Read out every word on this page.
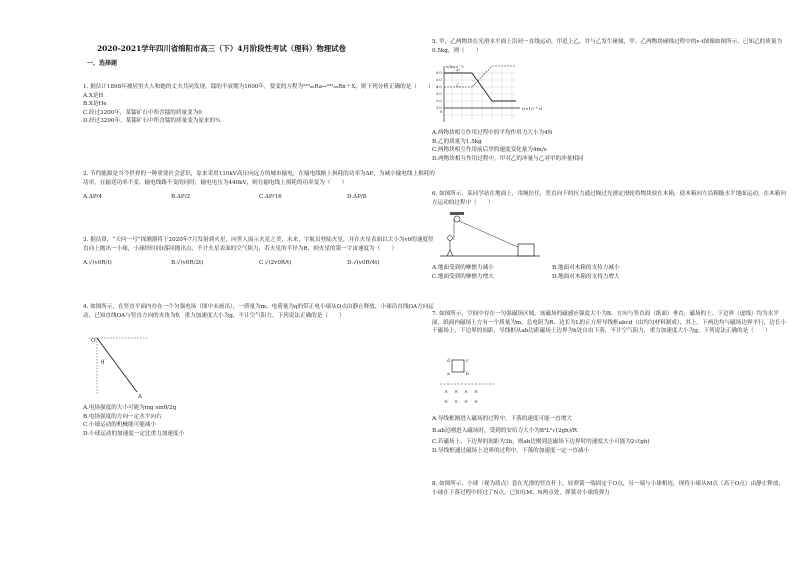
2020-2021学年四川省绵阳市高三（下）4月阶段性考试（理科）物理试卷
一、选择题
1. 据估计1898年被居里夫人和她的丈夫共同发现，镭的半衰期为1600年，要变的方程为²²⁶₈₈Ra→²²²₈₆Rn＋X，则下列分析正确的是（　　）
A.X是H
B.X是He
C.经过3200年，某镭矿石中所含镭的质量变为0
D.经过3200年，某镭矿石中所含镭的质量变为原来的¼
2. 节约能源是当今世界的一种重要社会意识，原来采用110kV高压向远方的城市输电，在输电线路上损耗的功率为ΔP，为减小输电线上损耗的功率，在输送功率不变、输电线路不变的同时，输电电压为440kV，则在输电线上损耗的功率变为（　　）
A.ΔP/4	B.ΔP/2	C.ΔP/16	D.ΔP/8
3. 据估算，“天问一号”探测器将于2020年7月发射到火星，向世人展示火星之美，未来，宇航员登陆火星，并在火星表面以大小为v0的速度竖直向上抛出一小球，小球经时间t落回抛出点，不计火星表面的空气阻力，若火星的半径为R，则火星的第一宇宙速度为（　　）
A.√(v0R/t)	B.√(v0R/2t)	C.√(2v0R/t)	D.√(v0R/4t)
4. 如图所示，在竖直平面内存在一个匀强电场（图中未画出），一质量为m、电荷量为q的带正电小球从O点由静止释放，小球沿直线OA方向运动，已知直线OA与竖直方向的夹角为θ，重力加速度大小为g，不计空气阻力，下列说法正确的是（　　）
O
θ
A
A.电场强度的大小可能为mg sinθ/2q
B.电场强度的方向一定水平向右
C.小球运动的机械能可能减小
D.小球运动的加速度一定比重力加速度小
5. 甲、乙两物块在光滑水平面上沿同一直线运动，甲追上乙，并与乙发生碰撞，甲、乙两物块碰撞过程中的v-t图像如图所示，已知乙的质量为0.5kg，则（　　）
v/(m·s⁻¹)
t(×10⁻³ s)
6.0
5.0
4.0
3.0
2.0
1.0
0
甲
乙
A.两物块相互作用过程中的平均作用力大小为4N
B.乙的质量为1.5kg
C.两物块相互作用前后甲的速度变化量为4m/s
D.两物块相互作用过程中，甲对乙的冲量与乙对甲的冲量相同
6. 如图所示，某同学站在地面上，用绳拉住，竖直向下的拉力通过绳过光滑定滑轮将物块放在木箱，使木箱向左沿粗糙水平地面运动，在木箱向左运动的过程中（　　）
A.地面受到的摩擦力减小	B.地面对木箱的支持力减小
C.地面受到的摩擦力增大	D.地面对木箱的支持力增大
7. 如图所示，空间中存在一匀强磁场区域，该磁场的磁感应强度大小为B、方向与竖直面（纸面）垂直，磁场的上、下边界（虚线）均为水平面，纸面内磁场上方有一个质量为m、总电阻为R、边长为L的正方形导线框abcd（由均匀材料制成），其上、下两边均与磁场边界平行，边长小于磁场上、下边界的间距，导线框从ab边距磁场上边界为h处自由下落，不计空气阻力，重力加速度大小为g，下列说法正确的是（　　）
d	c
a	b
× × × ×
× × × ×
A.导线框刚进入磁场的过程中，下落的速度可能一直增大
B.ab边刚进入磁场时，受到的安培力大小为B²L²√(2gh)/R
C.若磁场上、下边界的间距为3h，则ab边刚到达磁场下边界时的速度大小可能为2√(gh)
D.导线框通过磁场上边界的过程中，下落的加速度一定一直减小
8. 如图所示，小球（视为质点）套在光滑的竖直杆上，轻弹簧一端固定于O点，另一端与小球相连，现将小球从M点（高于O点）由静止释放，小球在下落过程中经过了N点，已知在M、N两点处，弹簧对小球的弹力
